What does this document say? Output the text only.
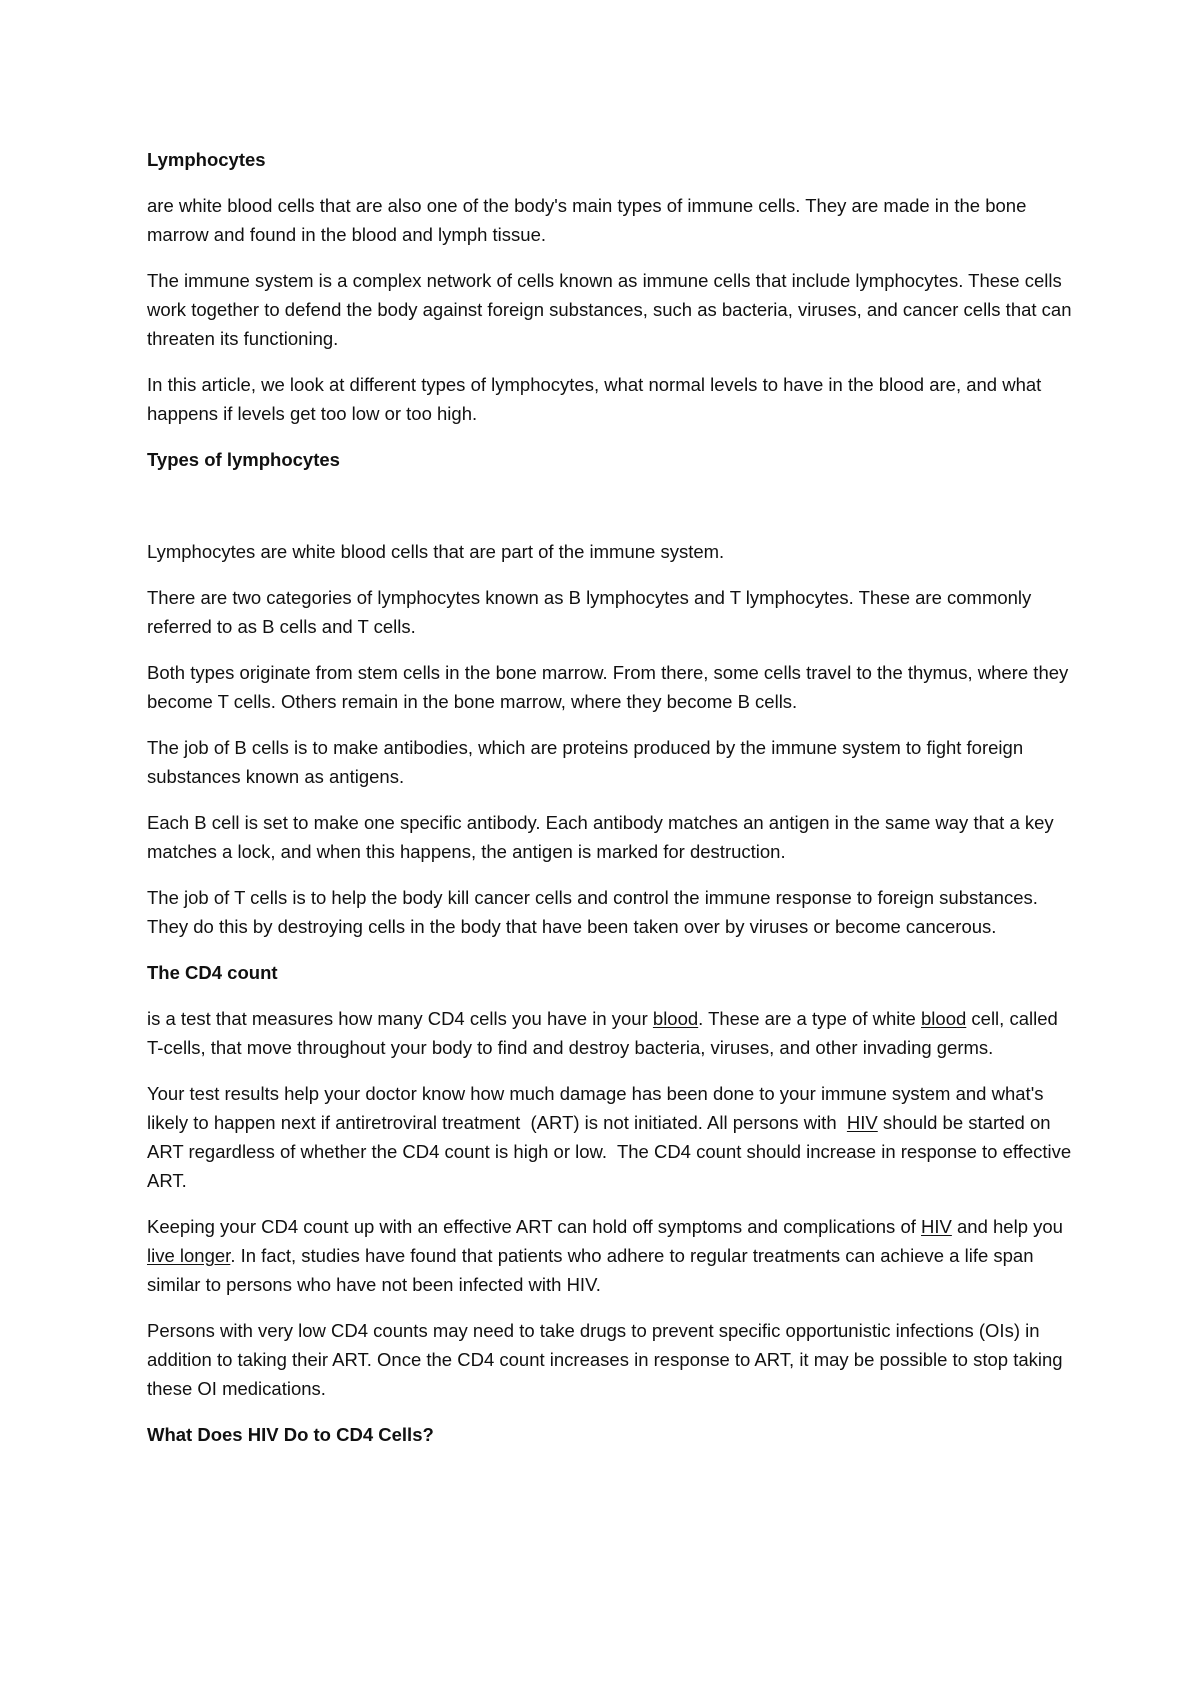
Lymphocytes

are white blood cells that are also one of the body's main types of immune cells. They are made in the bone marrow and found in the blood and lymph tissue.

The immune system is a complex network of cells known as immune cells that include lymphocytes. These cells work together to defend the body against foreign substances, such as bacteria, viruses, and cancer cells that can threaten its functioning.

In this article, we look at different types of lymphocytes, what normal levels to have in the blood are, and what happens if levels get too low or too high.

Types of lymphocytes

Lymphocytes are white blood cells that are part of the immune system.

There are two categories of lymphocytes known as B lymphocytes and T lymphocytes. These are commonly referred to as B cells and T cells.

Both types originate from stem cells in the bone marrow. From there, some cells travel to the thymus, where they become T cells. Others remain in the bone marrow, where they become B cells.

The job of B cells is to make antibodies, which are proteins produced by the immune system to fight foreign substances known as antigens.

Each B cell is set to make one specific antibody. Each antibody matches an antigen in the same way that a key matches a lock, and when this happens, the antigen is marked for destruction.

The job of T cells is to help the body kill cancer cells and control the immune response to foreign substances. They do this by destroying cells in the body that have been taken over by viruses or become cancerous.

The CD4 count

is a test that measures how many CD4 cells you have in your blood. These are a type of white blood cell, called T-cells, that move throughout your body to find and destroy bacteria, viruses, and other invading germs.

Your test results help your doctor know how much damage has been done to your immune system and what's likely to happen next if antiretroviral treatment  (ART) is not initiated. All persons with  HIV should be started on ART regardless of whether the CD4 count is high or low.  The CD4 count should increase in response to effective ART.

Keeping your CD4 count up with an effective ART can hold off symptoms and complications of HIV and help you live longer. In fact, studies have found that patients who adhere to regular treatments can achieve a life span similar to persons who have not been infected with HIV.

Persons with very low CD4 counts may need to take drugs to prevent specific opportunistic infections (OIs) in addition to taking their ART. Once the CD4 count increases in response to ART, it may be possible to stop taking these OI medications.

What Does HIV Do to CD4 Cells?
